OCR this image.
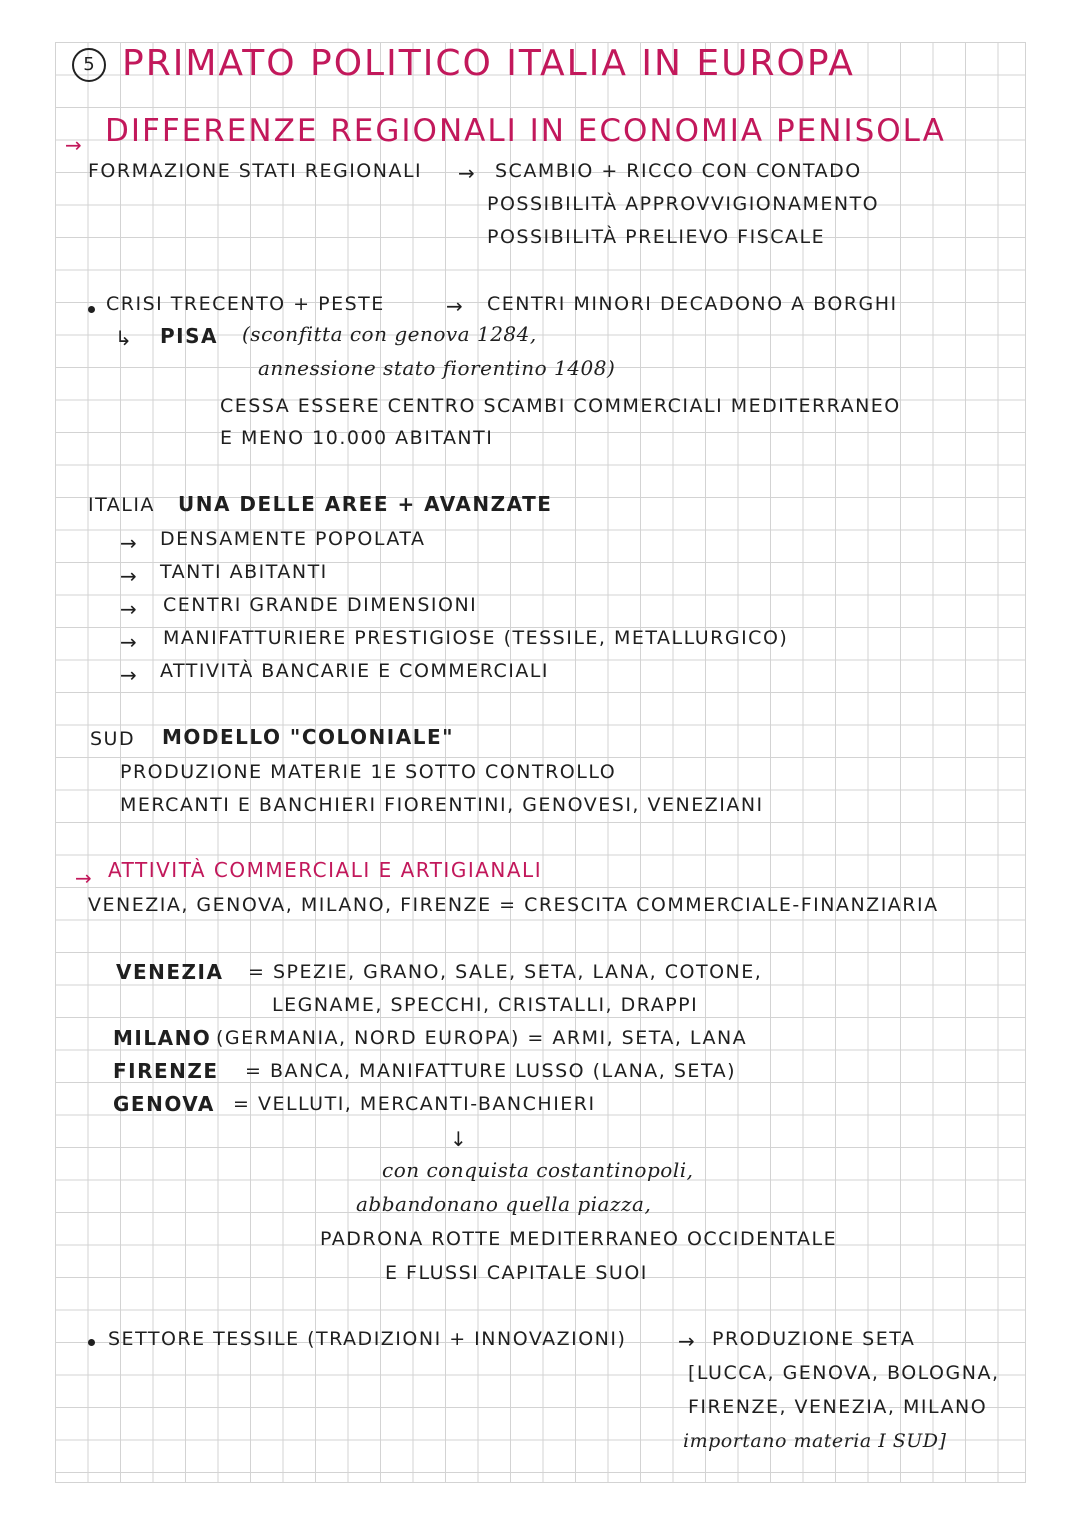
5 PRIMATO POLITICO ITALIA IN EUROPA
→ DIFFERENZE REGIONALI IN ECONOMIA PENISOLA
FORMAZIONE STATI REGIONALI → SCAMBIO + RICCO CON CONTADO
POSSIBILITÀ APPROVVIGIONAMENTO
POSSIBILITÀ PRELIEVO FISCALE
CRISI TRECENTO + PESTE	→ CENTRI MINORI DECADONO A BORGHI
↳ PISA (sconfitta con genova 1284,
annessione stato fiorentino 1408)
CESSA ESSERE CENTRO SCAMBI COMMERCIALI MEDITERRANEO
E MENO 10.000 ABITANTI
ITALIA UNA DELLE AREE + AVANZATE
→ DENSAMENTE POPOLATA
→ TANTI ABITANTI
→ CENTRI GRANDE DIMENSIONI
→ MANIFATTURIERE PRESTIGIOSE (TESSILE, METALLURGICO)
→ ATTIVITÀ BANCARIE E COMMERCIALI
SUD MODELLO "COLONIALE"
PRODUZIONE MATERIE 1E SOTTO CONTROLLO
MERCANTI E BANCHIERI FIORENTINI, GENOVESI, VENEZIANI
→ ATTIVITÀ COMMERCIALI E ARTIGIANALI
VENEZIA, GENOVA, MILANO, FIRENZE = CRESCITA COMMERCIALE-FINANZIARIA
VENEZIA = SPEZIE, GRANO, SALE, SETA, LANA, COTONE,
LEGNAME, SPECCHI, CRISTALLI, DRAPPI
MILANO (GERMANIA, NORD EUROPA) = ARMI, SETA, LANA
FIRENZE = BANCA, MANIFATTURE LUSSO (LANA, SETA)
GENOVA = VELLUTI, MERCANTI-BANCHIERI
↓
con conquista costantinopoli,
abbandonano quella piazza,
PADRONA ROTTE MEDITERRANEO OCCIDENTALE
E FLUSSI CAPITALE SUOI
SETTORE TESSILE (TRADIZIONI + INNOVAZIONI)	→ PRODUZIONE SETA
[LUCCA, GENOVA, BOLOGNA,
FIRENZE, VENEZIA, MILANO
importano materia I SUD]
